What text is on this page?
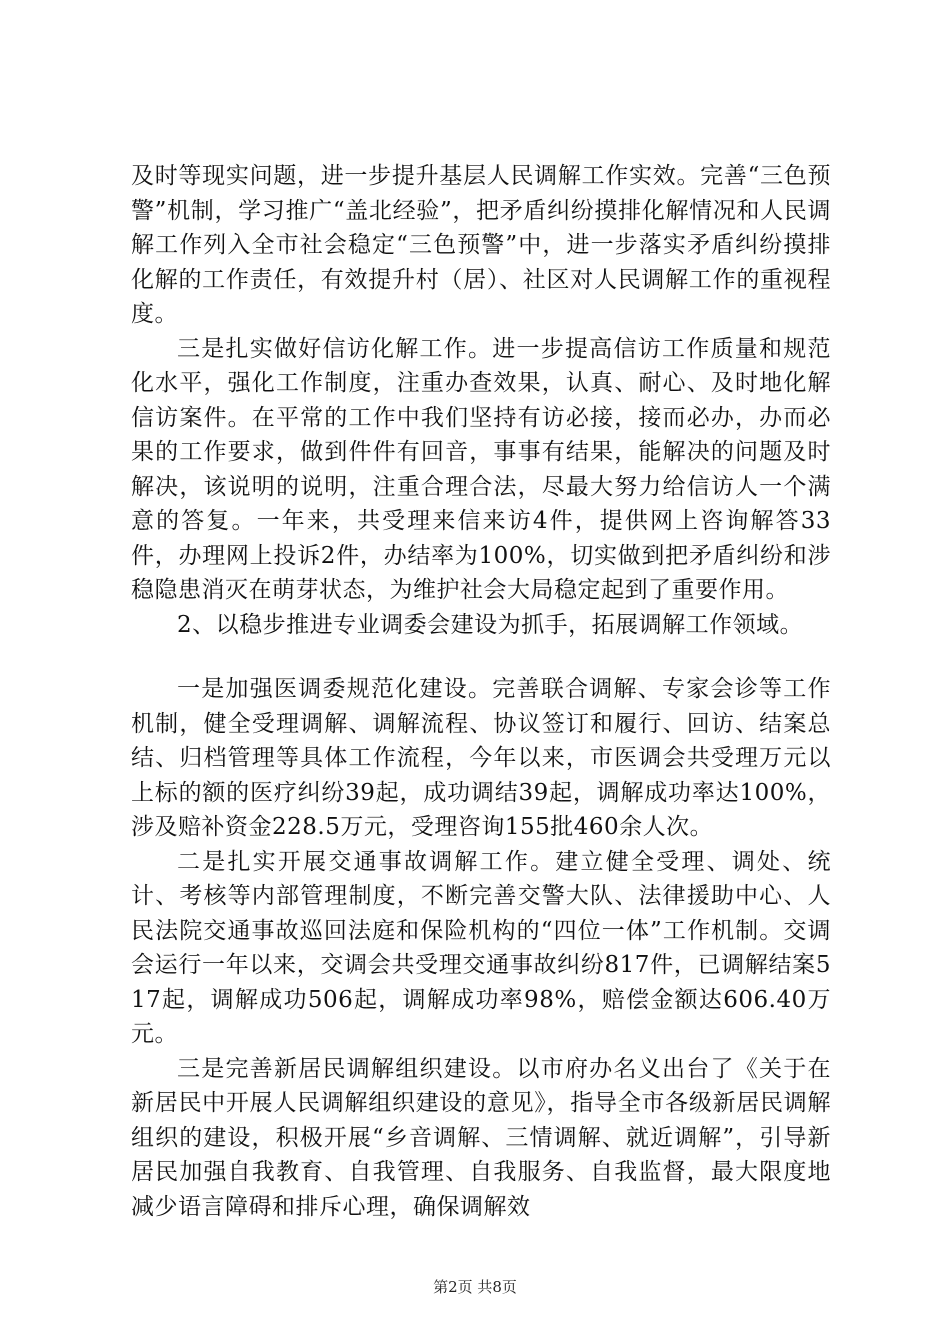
及时等现实问题，进一步提升基层人民调解工作实效。完善“三色预警”机制，学习推广“盖北经验”，把矛盾纠纷摸排化解情况和人民调解工作列入全市社会稳定“三色预警”中，进一步落实矛盾纠纷摸排化解的工作责任，有效提升村（居）、社区对人民调解工作的重视程度。

三是扎实做好信访化解工作。进一步提高信访工作质量和规范化水平，强化工作制度，注重办查效果，认真、耐心、及时地化解信访案件。在平常的工作中我们坚持有访必接，接而必办，办而必果的工作要求，做到件件有回音，事事有结果，能解决的问题及时解决，该说明的说明，注重合理合法，尽最大努力给信访人一个满意的答复。一年来，共受理来信来访4件，提供网上咨询解答33件，办理网上投诉2件，办结率为100%，切实做到把矛盾纠纷和涉稳隐患消灭在萌芽状态，为维护社会大局稳定起到了重要作用。

2、以稳步推进专业调委会建设为抓手，拓展调解工作领域。

一是加强医调委规范化建设。完善联合调解、专家会诊等工作机制，健全受理调解、调解流程、协议签订和履行、回访、结案总结、归档管理等具体工作流程，今年以来，市医调会共受理万元以上标的额的医疗纠纷39起，成功调结39起，调解成功率达100%，涉及赔补资金228.5万元，受理咨询155批460余人次。

二是扎实开展交通事故调解工作。建立健全受理、调处、统计、考核等内部管理制度，不断完善交警大队、法律援助中心、人民法院交通事故巡回法庭和保险机构的“四位一体”工作机制。交调会运行一年以来，交调会共受理交通事故纠纷817件，已调解结案517起，调解成功506起，调解成功率98%，赔偿金额达606.40万元。

三是完善新居民调解组织建设。以市府办名义出台了《关于在新居民中开展人民调解组织建设的意见》，指导全市各级新居民调解组织的建设，积极开展“乡音调解、三情调解、就近调解”，引导新居民加强自我教育、自我管理、自我服务、自我监督，最大限度地减少语言障碍和排斥心理，确保调解效

第2页 共8页
